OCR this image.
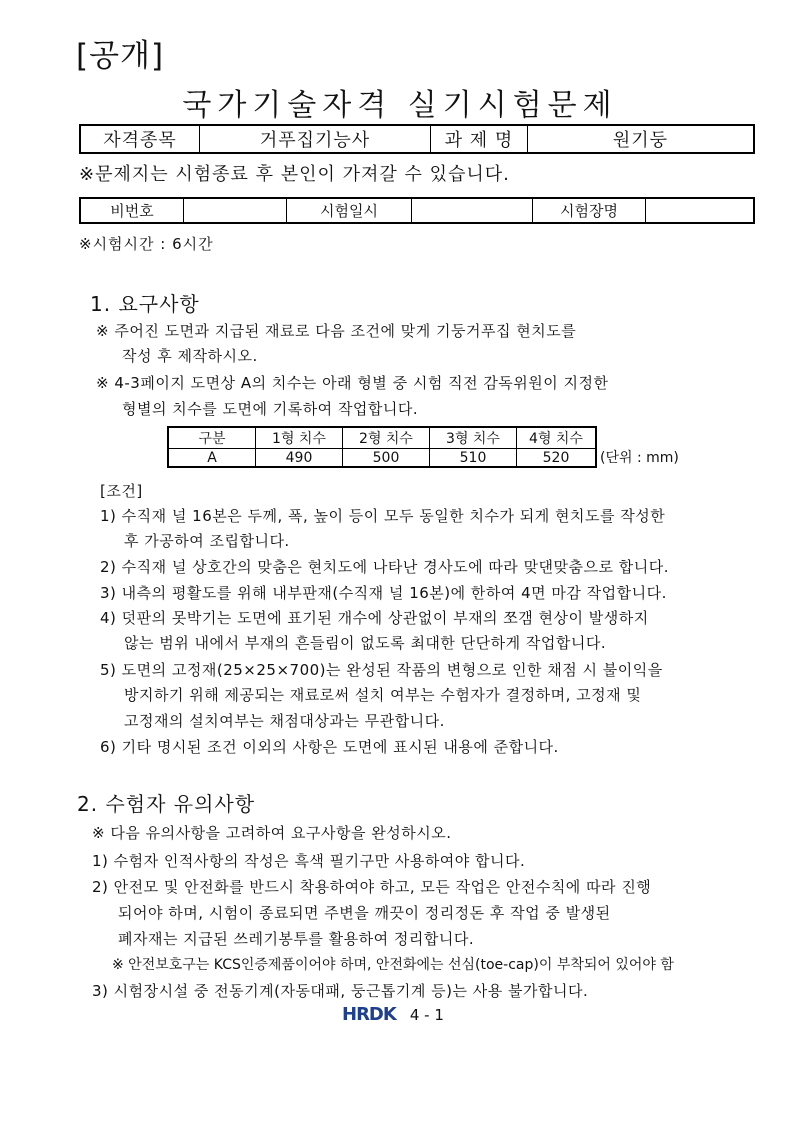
[공개]
국가기술자격 실기시험문제
자격종목	거푸집기능사	과 제 명	원기둥
※문제지는 시험종료 후 본인이 가져갈 수 있습니다.
비번호		시험일시		시험장명	
※시험시간 : 6시간
1. 요구사항
※ 주어진 도면과 지급된 재료로 다음 조건에 맞게 기둥거푸집 현치도를
작성 후 제작하시오.
※ 4-3페이지 도면상 A의 치수는 아래 형별 중 시험 직전 감독위원이 지정한
형별의 치수를 도면에 기록하여 작업합니다.
구분	1형 치수	2형 치수	3형 치수	4형 치수
A	490	500	510	520 (단위 : mm)
[조건]
1) 수직재 널 16본은 두께, 폭, 높이 등이 모두 동일한 치수가 되게 현치도를 작성한
후 가공하여 조립합니다.
2) 수직재 널 상호간의 맞춤은 현치도에 나타난 경사도에 따라 맞댄맞춤으로 합니다.
3) 내측의 평활도를 위해 내부판재(수직재 널 16본)에 한하여 4면 마감 작업합니다.
4) 덧판의 못박기는 도면에 표기된 개수에 상관없이 부재의 쪼갬 현상이 발생하지
않는 범위 내에서 부재의 흔들림이 없도록 최대한 단단하게 작업합니다.
5) 도면의 고정재(25×25×700)는 완성된 작품의 변형으로 인한 채점 시 불이익을
방지하기 위해 제공되는 재료로써 설치 여부는 수험자가 결정하며, 고정재 및
고정재의 설치여부는 채점대상과는 무관합니다.
6) 기타 명시된 조건 이외의 사항은 도면에 표시된 내용에 준합니다.
2. 수험자 유의사항
※ 다음 유의사항을 고려하여 요구사항을 완성하시오.
1) 수험자 인적사항의 작성은 흑색 필기구만 사용하여야 합니다.
2) 안전모 및 안전화를 반드시 착용하여야 하고, 모든 작업은 안전수칙에 따라 진행
되어야 하며, 시험이 종료되면 주변을 깨끗이 정리정돈 후 작업 중 발생된
폐자재는 지급된 쓰레기봉투를 활용하여 정리합니다.
※ 안전보호구는 KCS인증제품이어야 하며, 안전화에는 선심(toe-cap)이 부착되어 있어야 함
3) 시험장시설 중 전동기계(자동대패, 둥근톱기계 등)는 사용 불가합니다.
HRDK 4 - 1
